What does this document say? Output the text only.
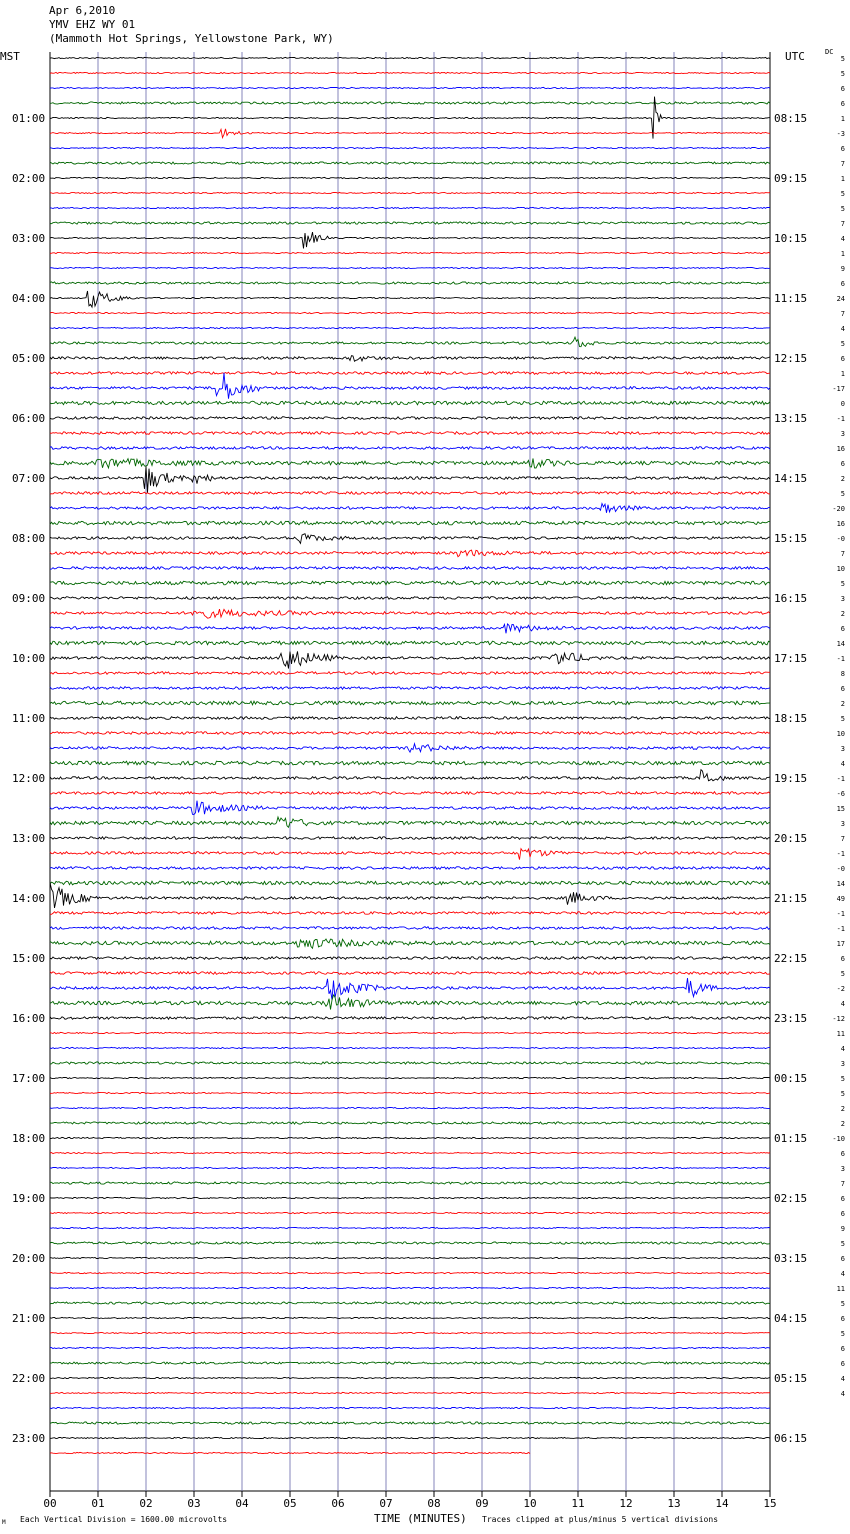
Apr 6,2010
YMV EHZ WY 01
(Mammoth Hot Springs, Yellowstone Park, WY)
MST	UTC	DC
00	01	02	03	04	05	06	07	08	09	10	11	12	13	14	15
01:00
02:00
03:00
04:00
05:00
06:00
07:00
08:00
09:00
10:00
11:00
12:00
13:00
14:00
15:00
16:00
17:00
18:00
19:00
20:00
21:00
22:00
23:00
08:15
09:15
10:15
11:15
12:15
13:15
14:15
15:15
16:15
17:15
18:15
19:15
20:15
21:15
22:15
23:15
00:15
01:15
02:15
03:15
04:15
05:15
06:15
5
5
6
6
1
-3
6
7
1
5
5
7
4
1
9
6
24
7
4
5
6
1
-17
0
-1
3
16
6
2
5
-20
16
-0
7
10
5
3
2
6
14
-1
8
6
2
5
10
3
4
-1
-6
15
3
7
-1
-0
14
49
-1
-1
17
6
5
-2
4
-12
11
4
3
5
5
2
2
-10
6
3
7
6
6
9
5
6
4
11
5
6
5
6
6
4
4
M Each Vertical Division = 1600.00 microvolts	TIME (MINUTES) Traces clipped at plus/minus 5 vertical divisions
